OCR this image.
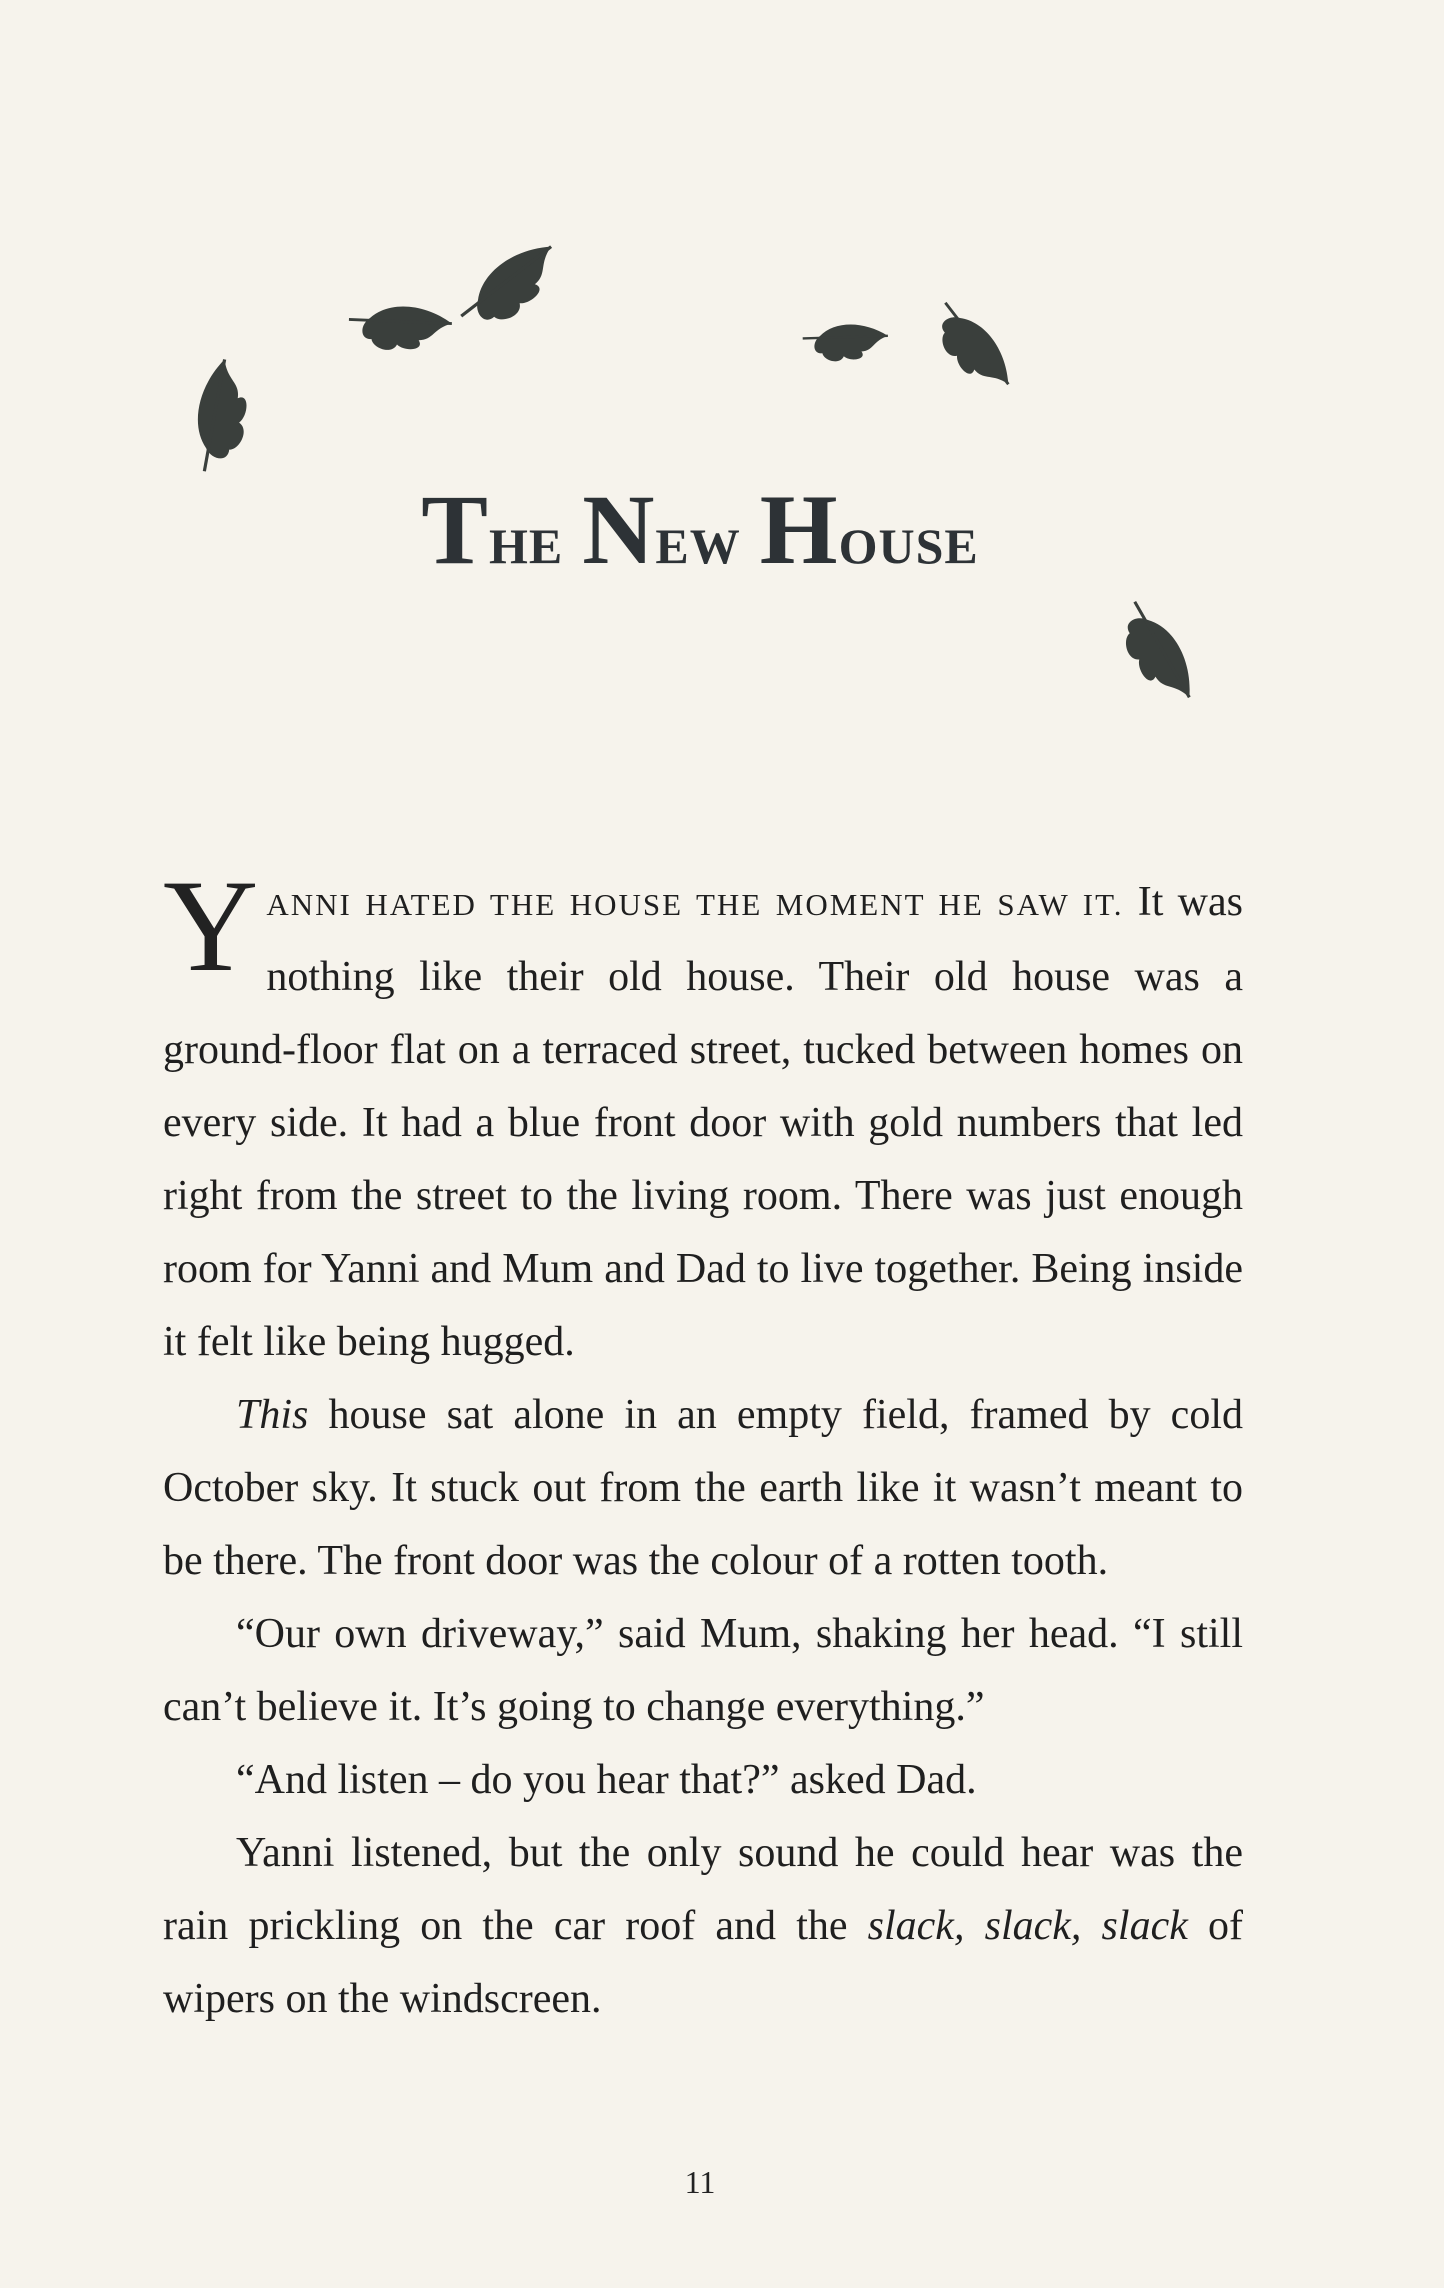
The New House

YANNI HATED THE HOUSE THE MOMENT HE SAW IT. It was nothing like their old house. Their old house was a ground-floor flat on a terraced street, tucked between homes on every side. It had a blue front door with gold numbers that led right from the street to the living room. There was just enough room for Yanni and Mum and Dad to live together. Being inside it felt like being hugged.

This house sat alone in an empty field, framed by cold October sky. It stuck out from the earth like it wasn’t meant to be there. The front door was the colour of a rotten tooth.

“Our own driveway,” said Mum, shaking her head. “I still can’t believe it. It’s going to change everything.”

“And listen – do you hear that?” asked Dad.

Yanni listened, but the only sound he could hear was the rain prickling on the car roof and the slack, slack, slack of wipers on the windscreen.

11
